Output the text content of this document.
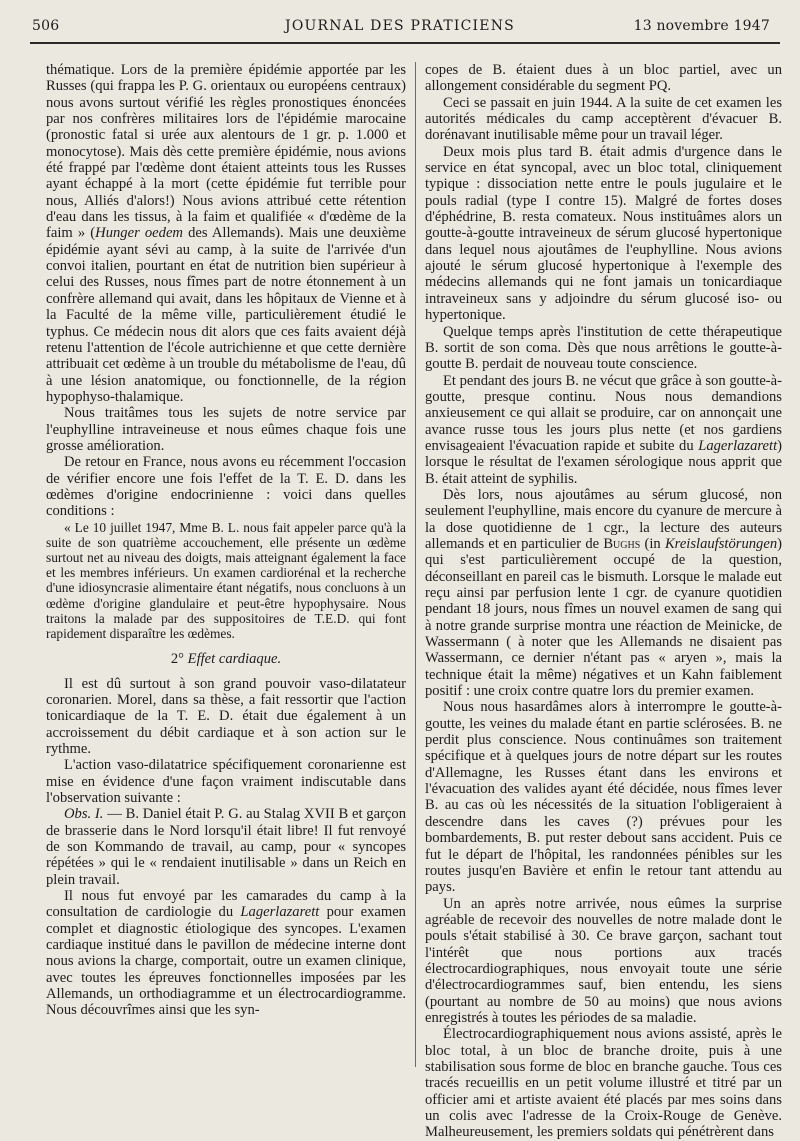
506	JOURNAL DES PRATICIENS	13 novembre 1947

thématique. Lors de la première épidémie apportée par les Russes (qui frappa les P. G. orientaux ou européens centraux) nous avons surtout vérifié les règles pronostiques énoncées par nos confrères militaires lors de l'épidémie marocaine (pronostic fatal si urée aux alentours de 1 gr. p. 1.000 et monocytose). Mais dès cette première épidémie, nous avions été frappé par l'œdème dont étaient atteints tous les Russes ayant échappé à la mort (cette épidémie fut terrible pour nous, Alliés d'alors!) Nous avions attribué cette rétention d'eau dans les tissus, à la faim et qualifiée « d'œdème de la faim » (Hunger oedem des Allemands). Mais une deuxième épidémie ayant sévi au camp, à la suite de l'arrivée d'un convoi italien, pourtant en état de nutrition bien supérieur à celui des Russes, nous fîmes part de notre étonnement à un confrère allemand qui avait, dans les hôpitaux de Vienne et à la Faculté de la même ville, particulièrement étudié le typhus. Ce médecin nous dit alors que ces faits avaient déjà retenu l'attention de l'école autrichienne et que cette dernière attribuait cet œdème à un trouble du métabolisme de l'eau, dû à une lésion anatomique, ou fonctionnelle, de la région hypophyso-thalamique.

Nous traitâmes tous les sujets de notre service par l'euphylline intraveineuse et nous eûmes chaque fois une grosse amélioration.

De retour en France, nous avons eu récemment l'occasion de vérifier encore une fois l'effet de la T. E. D. dans les œdèmes d'origine endocrinienne : voici dans quelles conditions :

« Le 10 juillet 1947, Mme B. L. nous fait appeler parce qu'à la suite de son quatrième accouchement, elle présente un œdème surtout net au niveau des doigts, mais atteignant également la face et les membres inférieurs. Un examen cardiorénal et la recherche d'une idiosyncrasie alimentaire étant négatifs, nous concluons à un œdème d'origine glandulaire et peut-être hypophysaire. Nous traitons la malade par des suppositoires de T.E.D. qui font rapidement disparaître les œdèmes.

2° Effet cardiaque.

Il est dû surtout à son grand pouvoir vaso-dilatateur coronarien. Morel, dans sa thèse, a fait ressortir que l'action tonicardiaque de la T. E. D. était due également à un accroissement du débit cardiaque et à son action sur le rythme.

L'action vaso-dilatatrice spécifiquement coronarienne est mise en évidence d'une façon vraiment indiscutable dans l'observation suivante :

Obs. I. — B. Daniel était P. G. au Stalag XVII B et garçon de brasserie dans le Nord lorsqu'il était libre! Il fut renvoyé de son Kommando de travail, au camp, pour « syncopes répétées » qui le « rendaient inutilisable » dans un Reich en plein travail.

Il nous fut envoyé par les camarades du camp à la consultation de cardiologie du Lagerlazarett pour examen complet et diagnostic étiologique des syncopes. L'examen cardiaque institué dans le pavillon de médecine interne dont nous avions la charge, comportait, outre un examen clinique, avec toutes les épreuves fonctionnelles imposées par les Allemands, un orthodiagramme et un électrocardiogramme. Nous découvrîmes ainsi que les syn-

copes de B. étaient dues à un bloc partiel, avec un allongement considérable du segment PQ.

Ceci se passait en juin 1944. A la suite de cet examen les autorités médicales du camp acceptèrent d'évacuer B. dorénavant inutilisable même pour un travail léger.

Deux mois plus tard B. était admis d'urgence dans le service en état syncopal, avec un bloc total, cliniquement typique : dissociation nette entre le pouls jugulaire et le pouls radial (type I contre 15). Malgré de fortes doses d'éphédrine, B. resta comateux. Nous instituâmes alors un goutte-à-goutte intraveineux de sérum glucosé hypertonique dans lequel nous ajoutâmes de l'euphylline. Nous avions ajouté le sérum glucosé hypertonique à l'exemple des médecins allemands qui ne font jamais un tonicardiaque intraveineux sans y adjoindre du sérum glucosé iso- ou hypertonique.

Quelque temps après l'institution de cette thérapeutique B. sortit de son coma. Dès que nous arrêtions le goutte-à-goutte B. perdait de nouveau toute conscience.

Et pendant des jours B. ne vécut que grâce à son goutte-à-goutte, presque continu. Nous nous demandions anxieusement ce qui allait se produire, car on annonçait une avance russe tous les jours plus nette (et nos gardiens envisageaient l'évacuation rapide et subite du Lagerlazarett) lorsque le résultat de l'examen sérologique nous apprit que B. était atteint de syphilis.

Dès lors, nous ajoutâmes au sérum glucosé, non seulement l'euphylline, mais encore du cyanure de mercure à la dose quotidienne de 1 cgr., la lecture des auteurs allemands et en particulier de Bughs (in Kreislaufstörungen) qui s'est particulièrement occupé de la question, déconseillant en pareil cas le bismuth. Lorsque le malade eut reçu ainsi par perfusion lente 1 cgr. de cyanure quotidien pendant 18 jours, nous fîmes un nouvel examen de sang qui à notre grande surprise montra une réaction de Meinicke, de Wassermann ( à noter que les Allemands ne disaient pas Wassermann, ce dernier n'étant pas « aryen », mais la technique était la même) négatives et un Kahn faiblement positif : une croix contre quatre lors du premier examen.

Nous nous hasardâmes alors à interrompre le goutte-à-goutte, les veines du malade étant en partie sclérosées. B. ne perdit plus conscience. Nous continuâmes son traitement spécifique et à quelques jours de notre départ sur les routes d'Allemagne, les Russes étant dans les environs et l'évacuation des valides ayant été décidée, nous fîmes lever B. au cas où les nécessités de la situation l'obligeraient à descendre dans les caves (?) prévues pour les bombardements, B. put rester debout sans accident. Puis ce fut le départ de l'hôpital, les randonnées pénibles sur les routes jusqu'en Bavière et enfin le retour tant attendu au pays.

Un an après notre arrivée, nous eûmes la surprise agréable de recevoir des nouvelles de notre malade dont le pouls s'était stabilisé à 30. Ce brave garçon, sachant tout l'intérêt que nous portions aux tracés électrocardiographiques, nous envoyait toute une série d'électrocardiogrammes sauf, bien entendu, les siens (pourtant au nombre de 50 au moins) que nous avions enregistrés à toutes les périodes de sa maladie.

Électrocardiographiquement nous avions assisté, après le bloc total, à un bloc de branche droite, puis à une stabilisation sous forme de bloc en branche gauche. Tous ces tracés recueillis en un petit volume illustré et titré par un officier ami et artiste avaient été placés par mes soins dans un colis avec l'adresse de la Croix-Rouge de Genève. Malheureusement, les premiers soldats qui pénétrèrent dans
